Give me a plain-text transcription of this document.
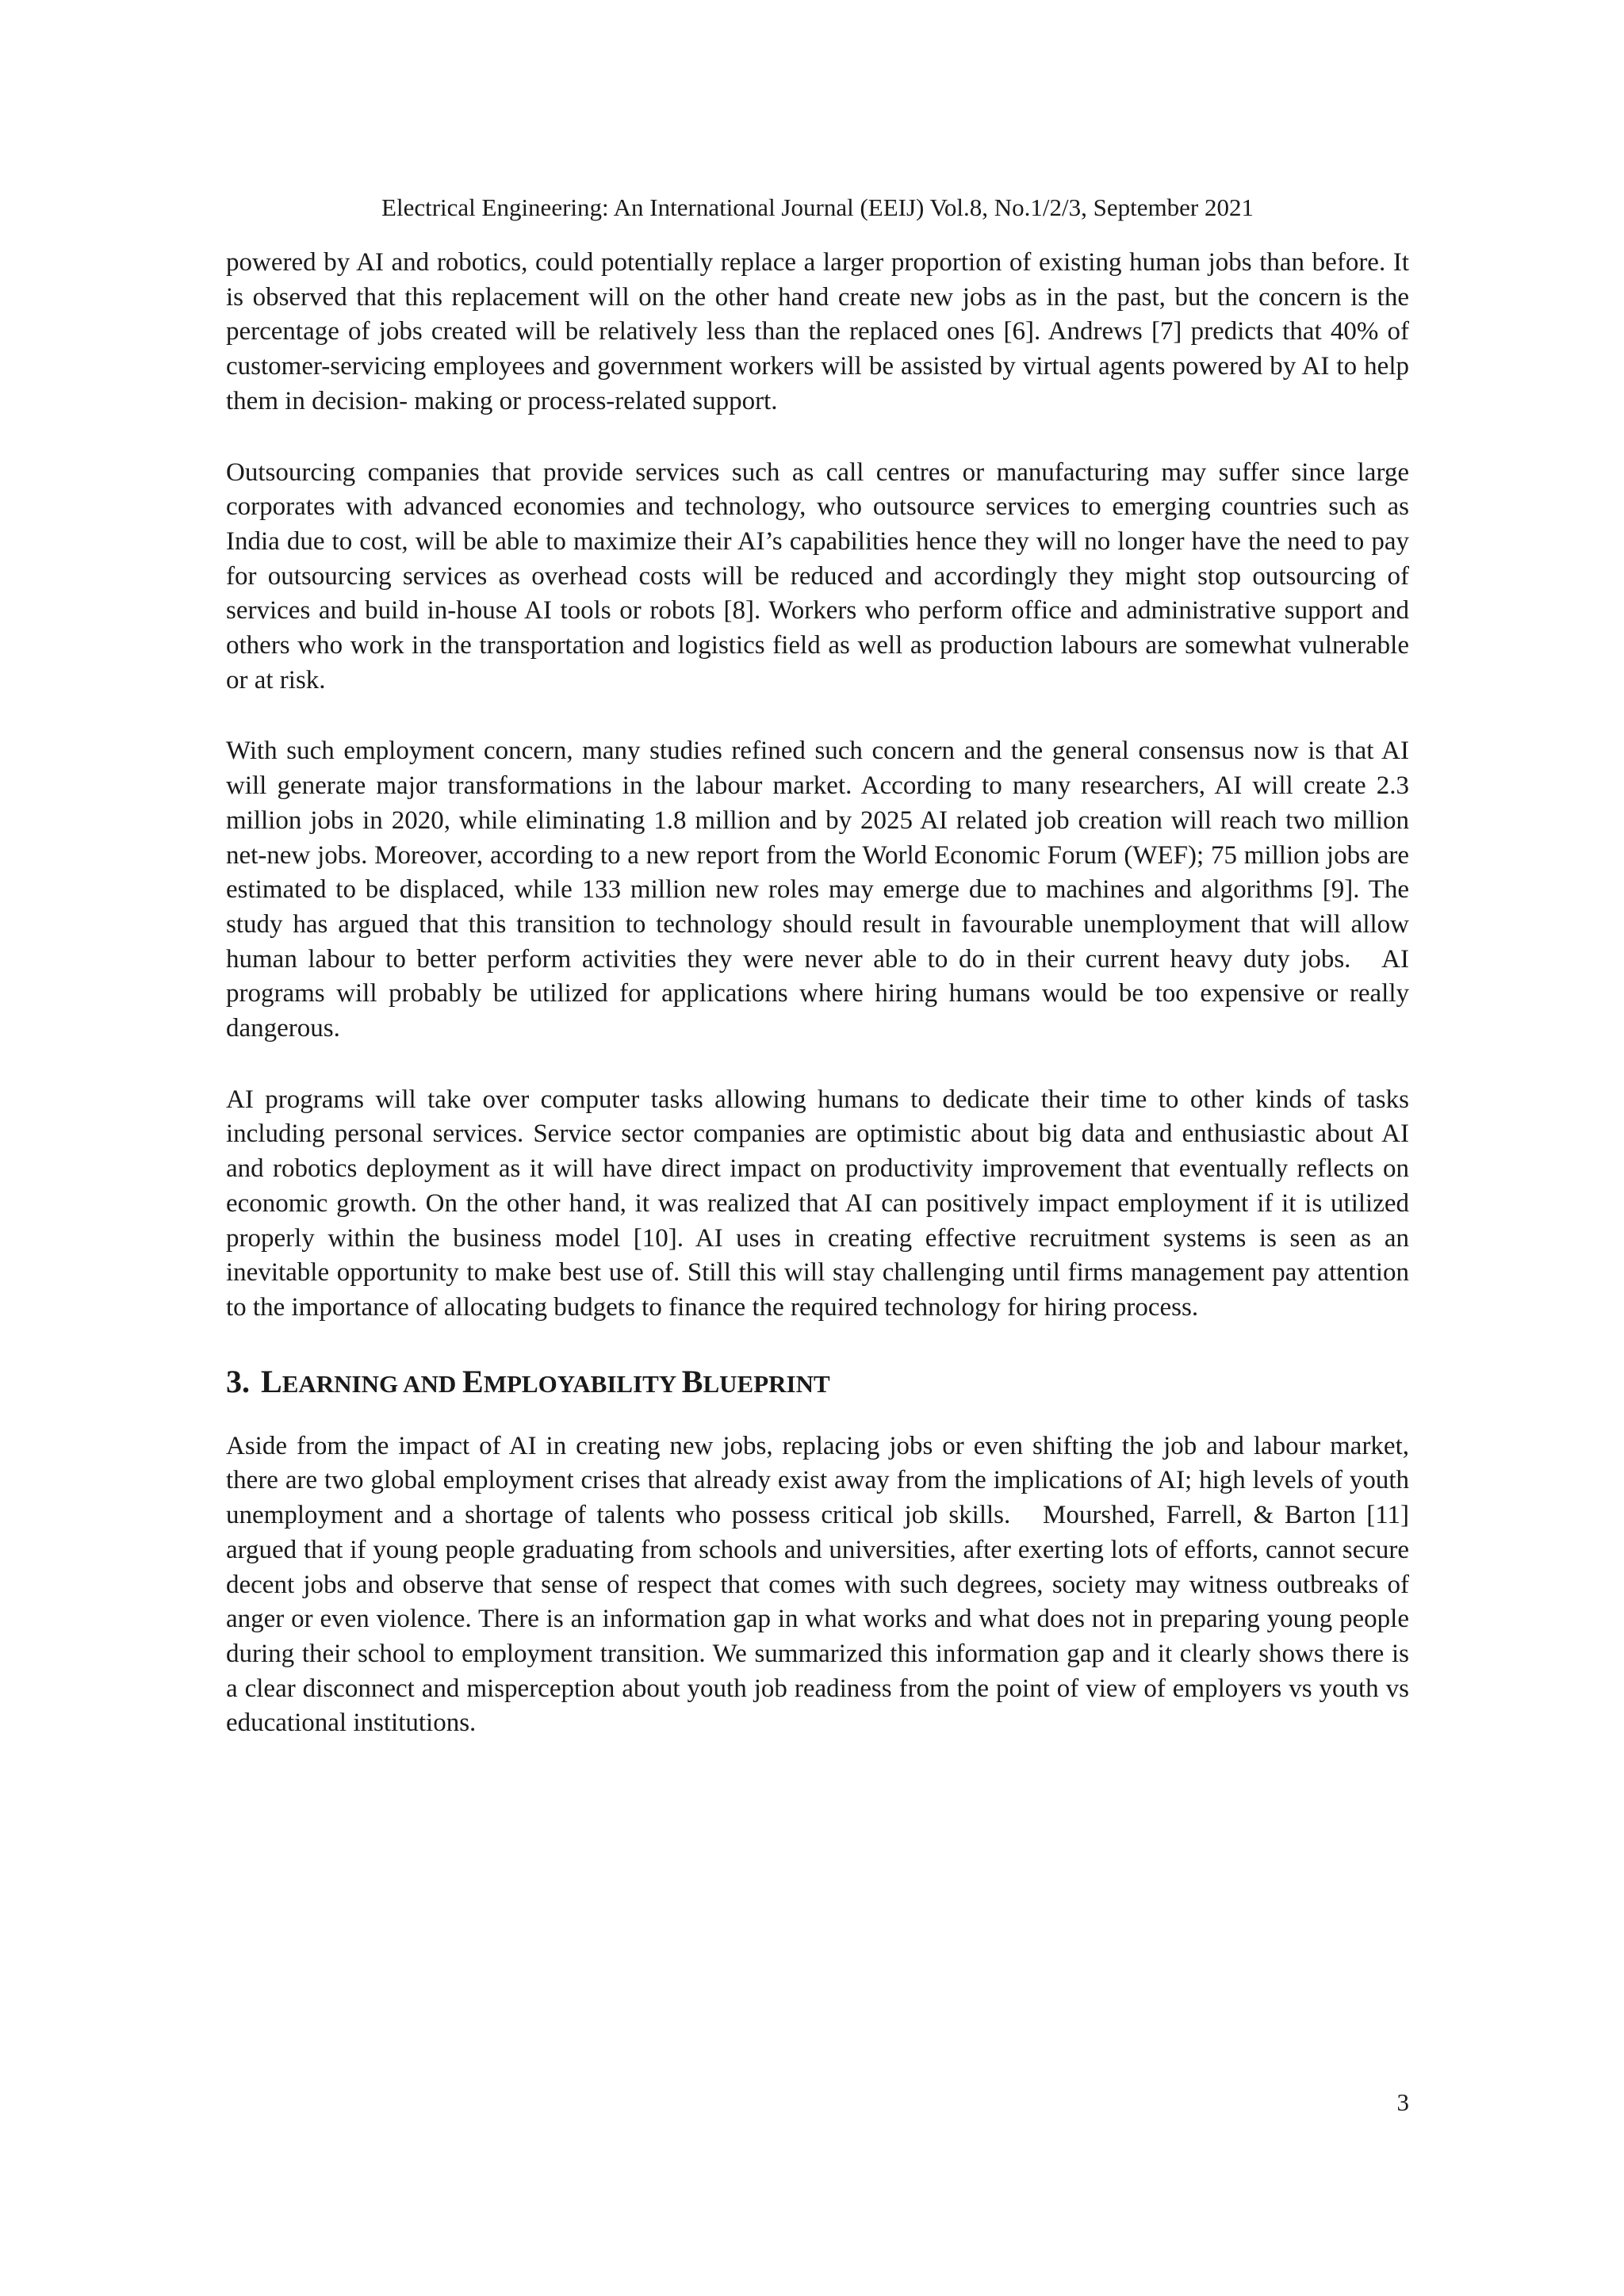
Electrical Engineering: An International Journal (EEIJ) Vol.8, No.1/2/3, September 2021

powered by AI and robotics, could potentially replace a larger proportion of existing human jobs than before. It is observed that this replacement will on the other hand create new jobs as in the past, but the concern is the percentage of jobs created will be relatively less than the replaced ones [6]. Andrews [7] predicts that 40% of customer-servicing employees and government workers will be assisted by virtual agents powered by AI to help them in decision- making or process-related support.

Outsourcing companies that provide services such as call centres or manufacturing may suffer since large corporates with advanced economies and technology, who outsource services to emerging countries such as India due to cost, will be able to maximize their AI’s capabilities hence they will no longer have the need to pay for outsourcing services as overhead costs will be reduced and accordingly they might stop outsourcing of services and build in-house AI tools or robots [8]. Workers who perform office and administrative support and others who work in the transportation and logistics field as well as production labours are somewhat vulnerable or at risk.

With such employment concern, many studies refined such concern and the general consensus now is that AI will generate major transformations in the labour market. According to many researchers, AI will create 2.3 million jobs in 2020, while eliminating 1.8 million and by 2025 AI related job creation will reach two million net-new jobs. Moreover, according to a new report from the World Economic Forum (WEF); 75 million jobs are estimated to be displaced, while 133 million new roles may emerge due to machines and algorithms [9]. The study has argued that this transition to technology should result in favourable unemployment that will allow human labour to better perform activities they were never able to do in their current heavy duty jobs.   AI programs will probably be utilized for applications where hiring humans would be too expensive or really dangerous.

AI programs will take over computer tasks allowing humans to dedicate their time to other kinds of tasks including personal services. Service sector companies are optimistic about big data and enthusiastic about AI and robotics deployment as it will have direct impact on productivity improvement that eventually reflects on economic growth. On the other hand, it was realized that AI can positively impact employment if it is utilized properly within the business model [10]. AI uses in creating effective recruitment systems is seen as an inevitable opportunity to make best use of. Still this will stay challenging until firms management pay attention to the importance of allocating budgets to finance the required technology for hiring process.

3. LEARNING AND EMPLOYABILITY BLUEPRINT

Aside from the impact of AI in creating new jobs, replacing jobs or even shifting the job and labour market, there are two global employment crises that already exist away from the implications of AI; high levels of youth unemployment and a shortage of talents who possess critical job skills.   Mourshed, Farrell, & Barton [11] argued that if young people graduating from schools and universities, after exerting lots of efforts, cannot secure decent jobs and observe that sense of respect that comes with such degrees, society may witness outbreaks of anger or even violence. There is an information gap in what works and what does not in preparing young people during their school to employment transition. We summarized this information gap and it clearly shows there is a clear disconnect and misperception about youth job readiness from the point of view of employers vs youth vs educational institutions.

3
